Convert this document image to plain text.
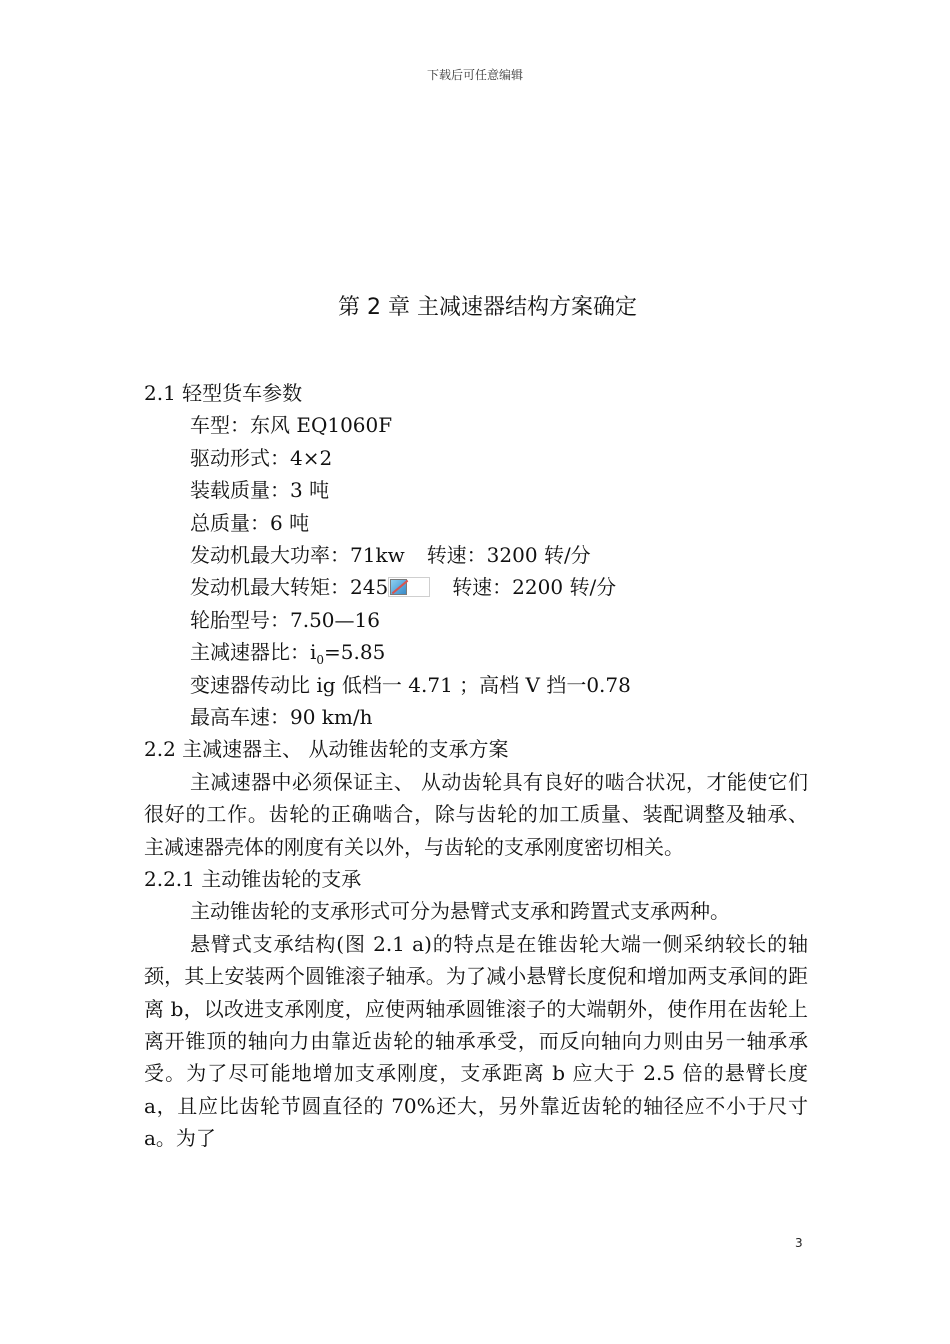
下载后可任意编辑
第 2 章 主减速器结构方案确定
2.1 轻型货车参数
车型：东风 EQ1060F
驱动形式：4×2
装载质量：3 吨
总质量：6 吨
发动机最大功率：71kw 转速：3200 转/分
发动机最大转矩：245	转速：2200 转/分
轮胎型号：7.50—16
主减速器比：$i_0=5.85$
变速器传动比 ig 低档一 4.71 ；高档 V 挡一0.78
最高车速：90 km/h
2.2 主减速器主、 从动锥齿轮的支承方案

主减速器中必须保证主、 从动齿轮具有良好的啮合状况，才能使它们很好的工作。齿轮的正确啮合，除与齿轮的加工质量、装配调整及轴承、 主减速器壳体的刚度有关以外，与齿轮的支承刚度密切相关。

2.2.1 主动锥齿轮的支承

主动锥齿轮的支承形式可分为悬臂式支承和跨置式支承两种。

悬臂式支承结构(图 2.1 a)的特点是在锥齿轮大端一侧采纳较长的轴颈，其上安装两个圆锥滚子轴承。为了减小悬臂长度倪和增加两支承间的距离 b，以改进支承刚度，应使两轴承圆锥滚子的大端朝外，使作用在齿轮上离开锥顶的轴向力由靠近齿轮的轴承承受，而反向轴向力则由另一轴承承受。为了尽可能地增加支承刚度，支承距离 b 应大于 2.5 倍的悬臂长度 a，且应比齿轮节圆直径的 70%还大，另外靠近齿轮的轴径应不小于尺寸 a。为了

3
